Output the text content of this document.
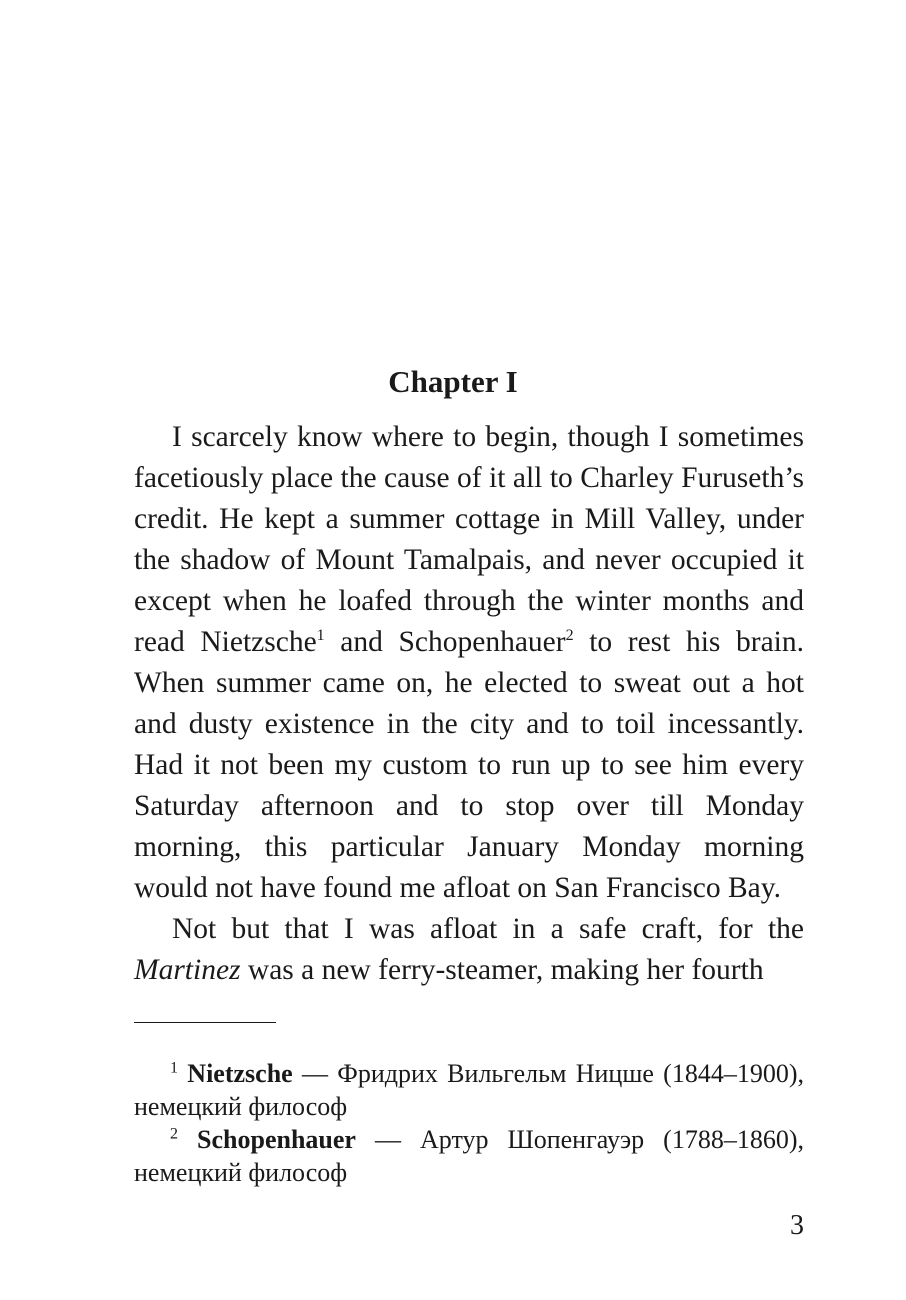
Chapter I

I scarcely know where to begin, though I sometimes facetiously place the cause of it all to Charley Furuseth’s credit. He kept a summer cottage in Mill Valley, under the shadow of Mount Tamalpais, and never occupied it except when he loafed through the winter months and read Nietzsche$^1$ and Schopenhauer$^2$ to rest his brain. When summer came on, he elected to sweat out a hot and dusty existence in the city and to toil incessantly. Had it not been my custom to run up to see him every Saturday afternoon and to stop over till Monday morning, this particular January Monday morning would not have found me afloat on San Francisco Bay.

Not but that I was afloat in a safe craft, for the Martinez was a new ferry-steamer, making her fourth

$^1$ Nietzsche — Фридрих Вильгельм Ницше (1844–1900), немецкий философ

$^2$ Schopenhauer — Артур Шопенгауэр (1788–1860), немецкий философ

3
